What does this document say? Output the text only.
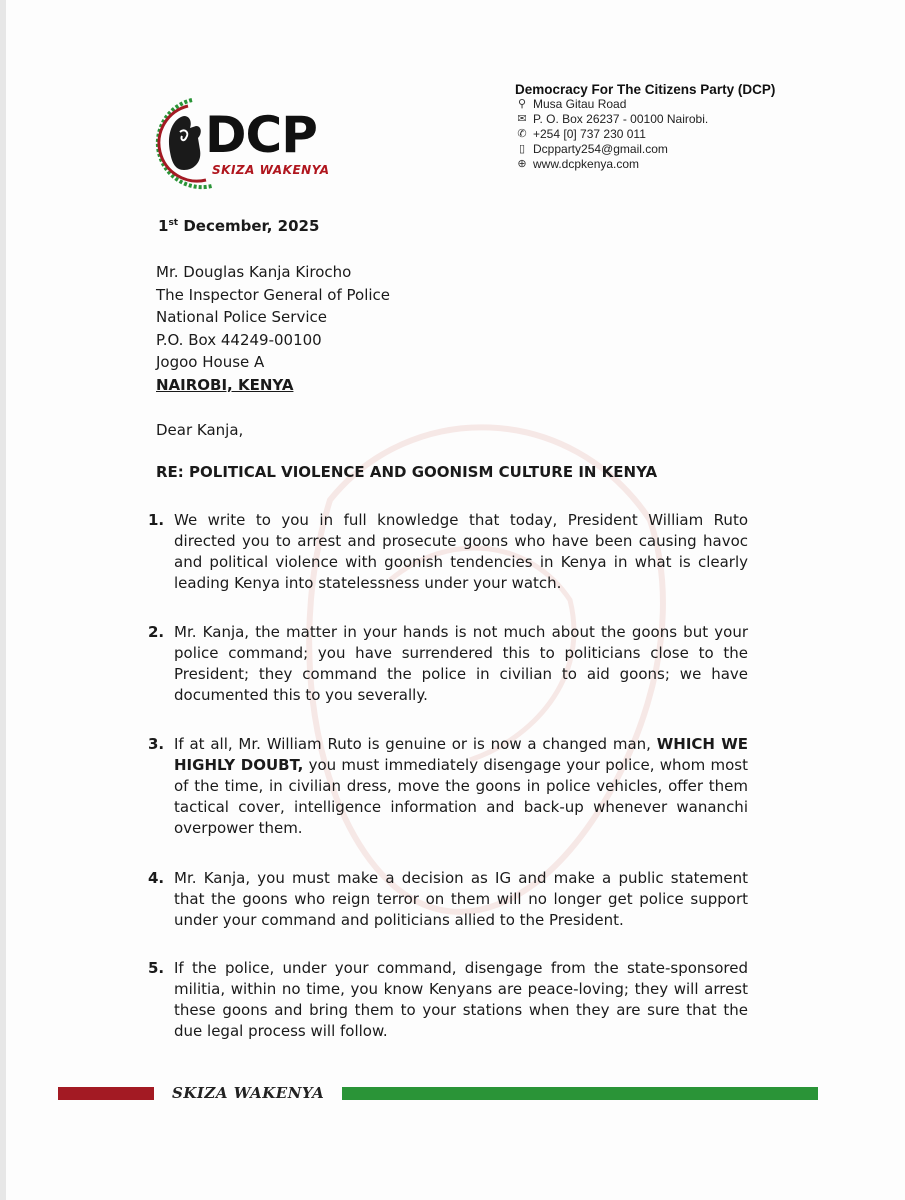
DCP
SKIZA WAKENYA
Democracy For The Citizens Party (DCP)
⚲ Musa Gitau Road
✉ P. O. Box 26237 - 00100 Nairobi.
✆ +254 [0] 737 230 011
▯ Dcpparty254@gmail.com
⊕ www.dcpkenya.com
1st December, 2025
Mr. Douglas Kanja Kirocho
The Inspector General of Police
National Police Service
P.O. Box 44249-00100
Jogoo House A
NAIROBI, KENYA
Dear Kanja,
RE: POLITICAL VIOLENCE AND GOONISM CULTURE IN KENYA
1. We write to you in full knowledge that today, President William Ruto directed you to arrest and prosecute goons who have been causing havoc and political violence with goonish tendencies in Kenya in what is clearly leading Kenya into statelessness under your watch.
2. Mr. Kanja, the matter in your hands is not much about the goons but your police command; you have surrendered this to politicians close to the President; they command the police in civilian to aid goons; we have documented this to you severally.
3. If at all, Mr. William Ruto is genuine or is now a changed man, WHICH WE HIGHLY DOUBT, you must immediately disengage your police, whom most of the time, in civilian dress, move the goons in police vehicles, offer them tactical cover, intelligence information and back-up whenever wananchi overpower them.
4. Mr. Kanja, you must make a decision as IG and make a public statement that the goons who reign terror on them will no longer get police support under your command and politicians allied to the President.
5. If the police, under your command, disengage from the state-sponsored militia, within no time, you know Kenyans are peace-loving; they will arrest these goons and bring them to your stations when they are sure that the due legal process will follow.
SKIZA WAKENYA
